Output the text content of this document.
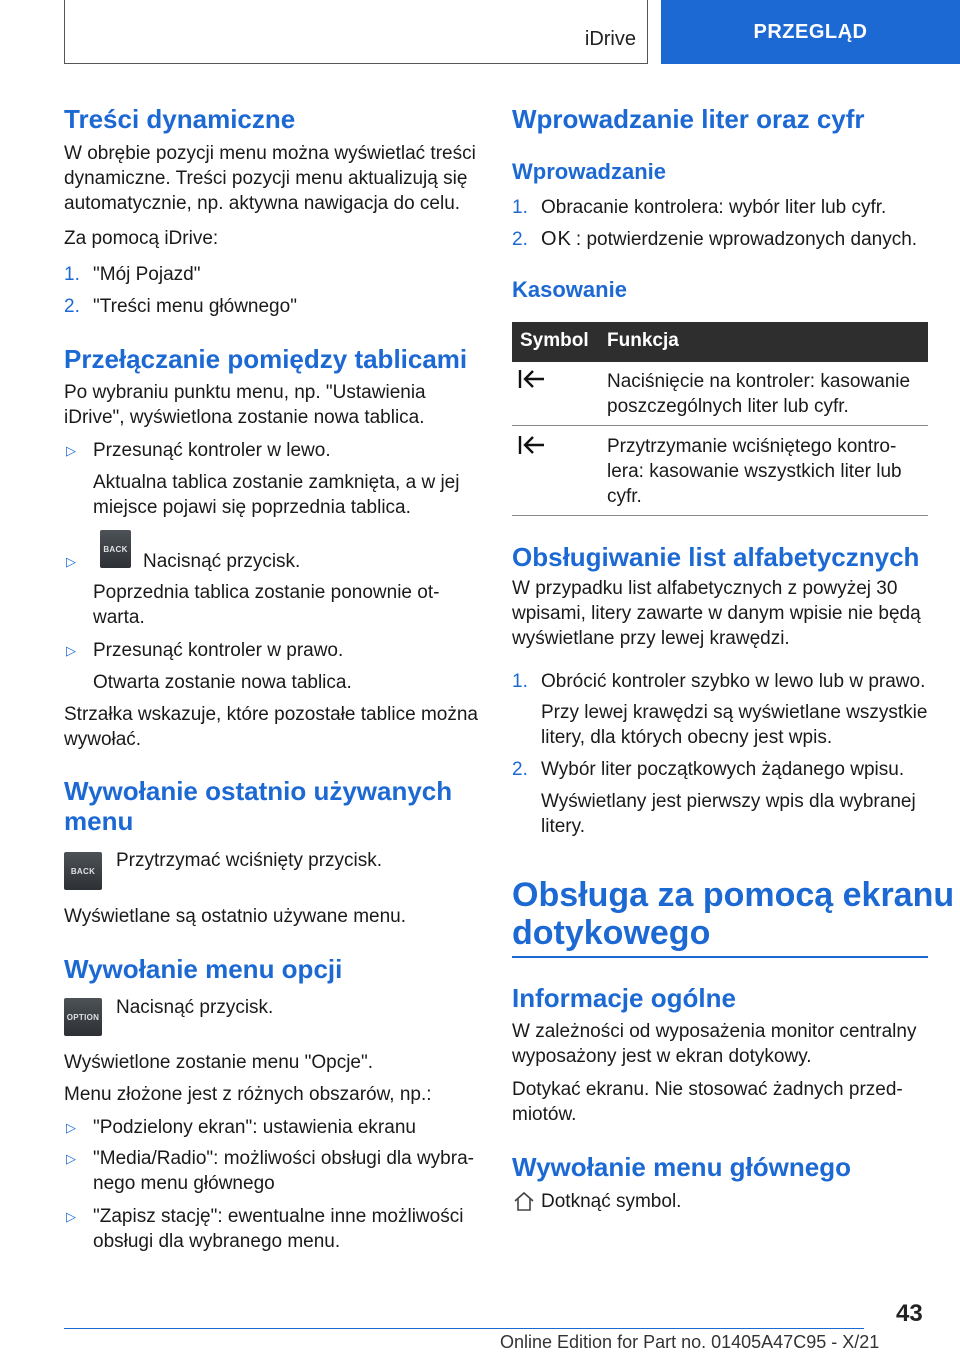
iDrive	PRZEGLĄD
Treści dynamiczne
W obrębie pozycji menu można wyświetlać treści
dynamiczne. Treści pozycji menu aktualizują się
automatycznie, np. aktywna nawigacja do celu.
Za pomocą iDrive:
1. "Mój Pojazd"
2. "Treści menu głównego"
Przełączanie pomiędzy tablicami
Po wybraniu punktu menu, np. "Ustawienia
iDrive", wyświetlona zostanie nowa tablica.
▷ Przesunąć kontroler w lewo.
Aktualna tablica zostanie zamknięta, a w jej
miejsce pojawi się poprzednia tablica.
▷
BACK
Nacisnąć przycisk.
Poprzednia tablica zostanie ponownie ot-
warta.
▷ Przesunąć kontroler w prawo.
Otwarta zostanie nowa tablica.
Strzałka wskazuje, które pozostałe tablice można
wywołać.
Wywołanie ostatnio używanych
menu
BACK	Przytrzymać wciśnięty przycisk.
Wyświetlane są ostatnio używane menu.
Wywołanie menu opcji
OPTION Nacisnąć przycisk.
Wyświetlone zostanie menu "Opcje".
Menu złożone jest z różnych obszarów, np.:
▷ "Podzielony ekran": ustawienia ekranu
▷ "Media/Radio": możliwości obsługi dla wybra-
nego menu głównego
▷ "Zapisz stację": ewentualne inne możliwości
obsługi dla wybranego menu.
Wprowadzanie liter oraz cyfr
Wprowadzanie
1. Obracanie kontrolera: wybór liter lub cyfr.
2. OK : potwierdzenie wprowadzonych danych.
Kasowanie
Symbol Funkcja
Naciśnięcie na kontroler: kasowanie
poszczególnych liter lub cyfr.
Przytrzymanie wciśniętego kontro-
lera: kasowanie wszystkich liter lub
cyfr.
Obsługiwanie list alfabetycznych
W przypadku list alfabetycznych z powyżej 30
wpisami, litery zawarte w danym wpisie nie będą
wyświetlane przy lewej krawędzi.
1. Obrócić kontroler szybko w lewo lub w prawo.
Przy lewej krawędzi są wyświetlane wszystkie
litery, dla których obecny jest wpis.
2. Wybór liter początkowych żądanego wpisu.
Wyświetlany jest pierwszy wpis dla wybranej
litery.
Obsługa za pomocą ekranu
dotykowego
Informacje ogólne
W zależności od wyposażenia monitor centralny
wyposażony jest w ekran dotykowy.
Dotykać ekranu. Nie stosować żadnych przed-
miotów.
Wywołanie menu głównego
Dotknąć symbol.
43
Online Edition for Part no. 01405A47C95 - X/21
